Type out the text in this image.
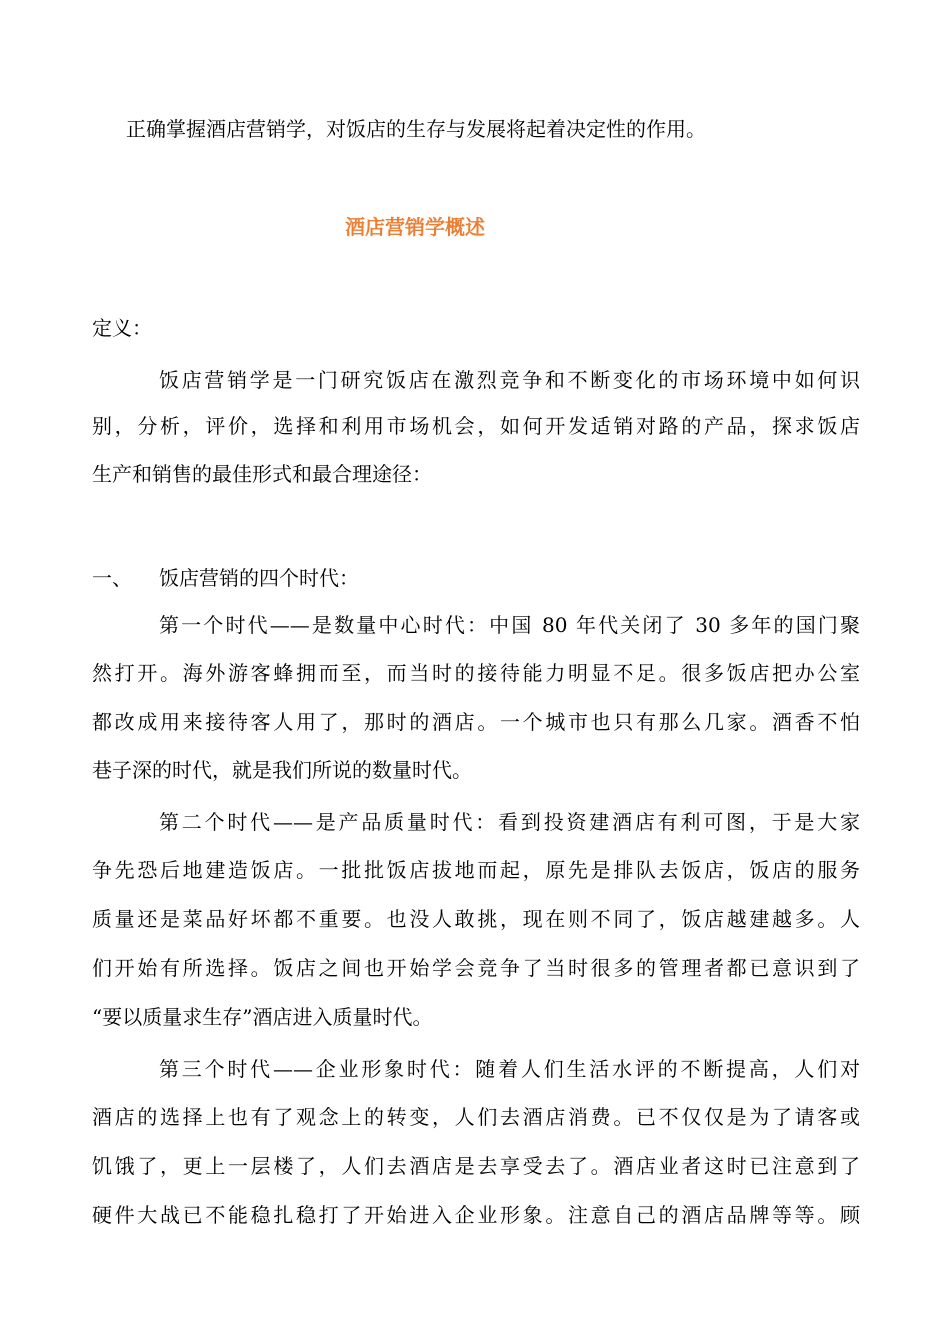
正确掌握酒店营销学，对饭店的生存与发展将起着决定性的作用。
酒店营销学概述
定义：
饭店营销学是一门研究饭店在激烈竞争和不断变化的市场环境中如何识
别，分析，评价，选择和利用市场机会，如何开发适销对路的产品，探求饭店
生产和销售的最佳形式和最合理途径：
一、 饭店营销的四个时代：
第一个时代——是数量中心时代：中国 80 年代关闭了 30 多年的国门聚
然打开。海外游客蜂拥而至，而当时的接待能力明显不足。很多饭店把办公室
都改成用来接待客人用了，那时的酒店。一个城市也只有那么几家。酒香不怕
巷子深的时代，就是我们所说的数量时代。
第二个时代——是产品质量时代：看到投资建酒店有利可图，于是大家
争先恐后地建造饭店。一批批饭店拔地而起，原先是排队去饭店，饭店的服务
质量还是菜品好坏都不重要。也没人敢挑，现在则不同了，饭店越建越多。人
们开始有所选择。饭店之间也开始学会竞争了当时很多的管理者都已意识到了
“要以质量求生存”酒店进入质量时代。
第三个时代——企业形象时代：随着人们生活水评的不断提高，人们对
酒店的选择上也有了观念上的转变，人们去酒店消费。已不仅仅是为了请客或
饥饿了，更上一层楼了，人们去酒店是去享受去了。酒店业者这时已注意到了
硬件大战已不能稳扎稳打了开始进入企业形象。注意自己的酒店品牌等等。顾
